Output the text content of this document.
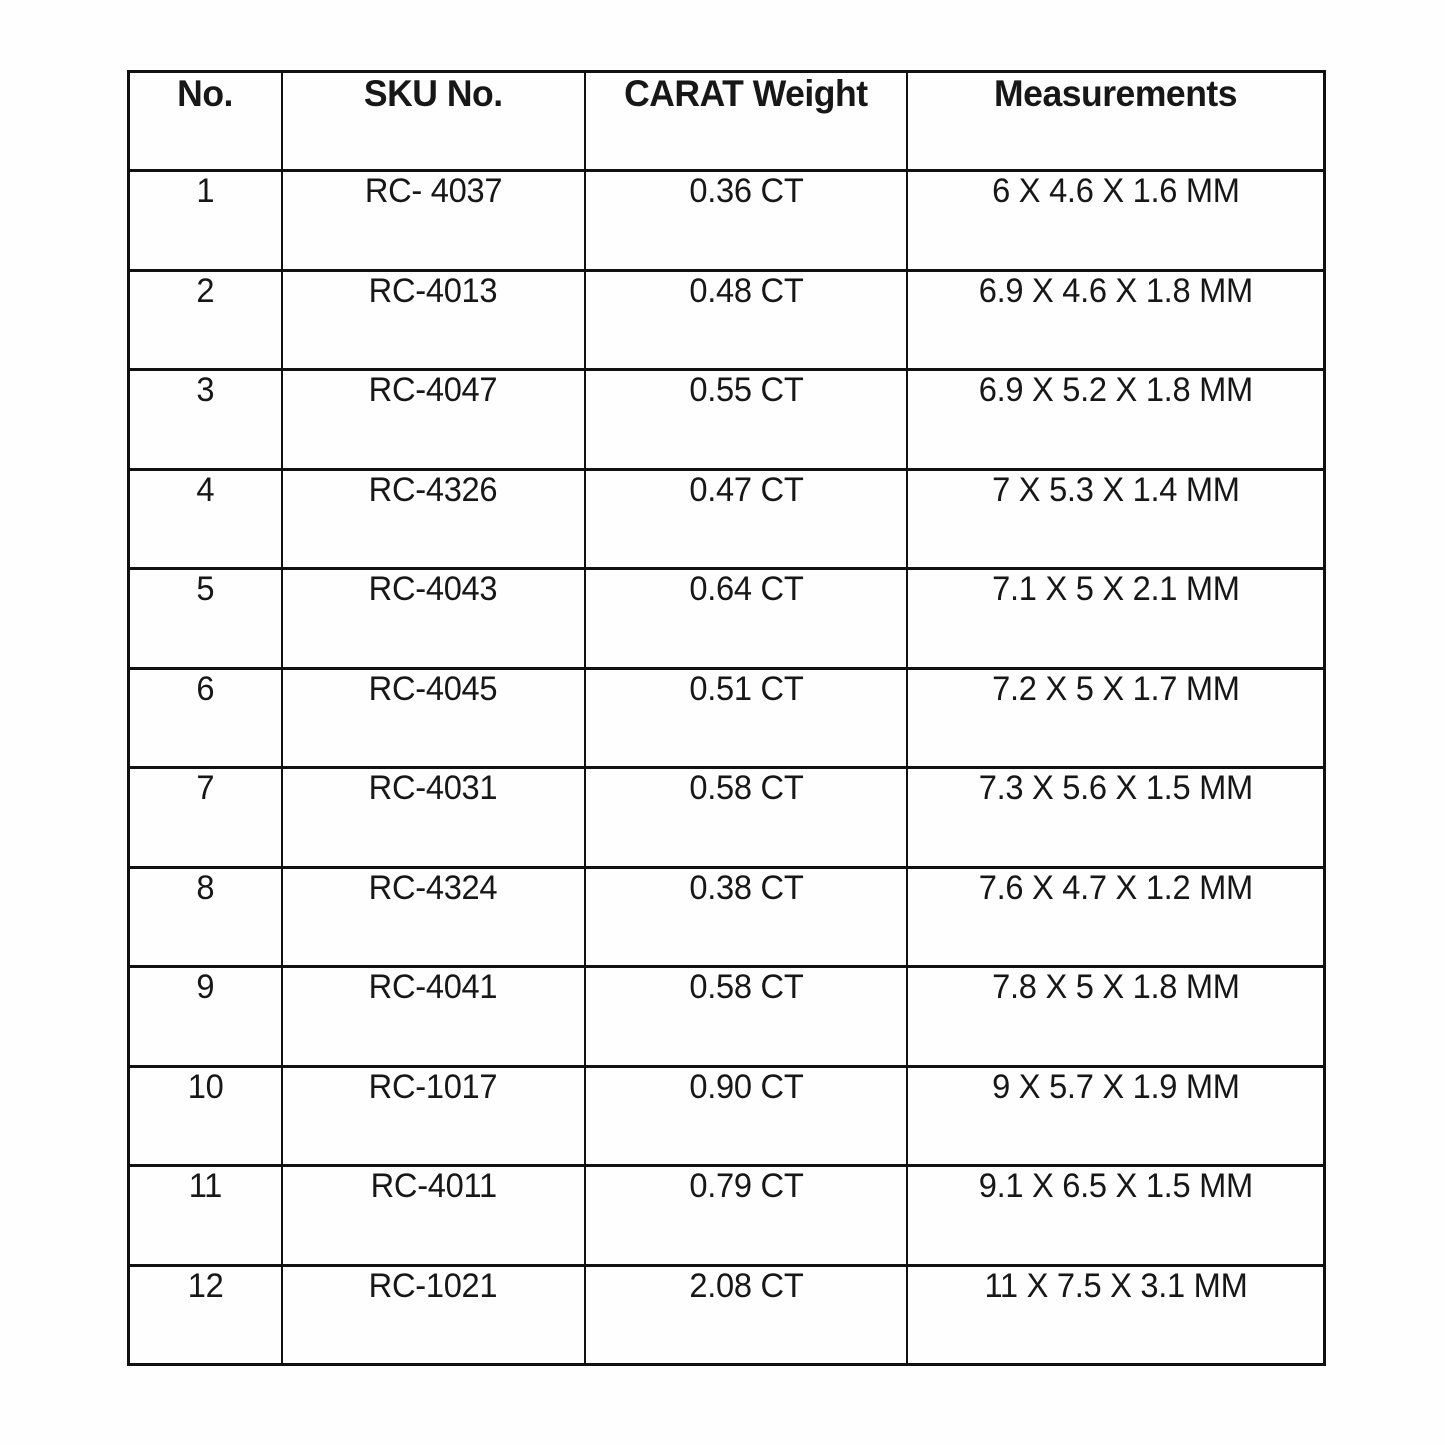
No.	SKU No.	CARAT Weight	Measurements
1	RC- 4037	0.36 CT	6 X 4.6 X 1.6 MM
2	RC-4013	0.48 CT	6.9 X 4.6 X 1.8 MM
3	RC-4047	0.55 CT	6.9 X 5.2 X 1.8 MM
4	RC-4326	0.47 CT	7 X 5.3 X 1.4 MM
5	RC-4043	0.64 CT	7.1 X 5 X 2.1 MM
6	RC-4045	0.51 CT	7.2 X 5 X 1.7 MM
7	RC-4031	0.58 CT	7.3 X 5.6 X 1.5 MM
8	RC-4324	0.38 CT	7.6 X 4.7 X 1.2 MM
9	RC-4041	0.58 CT	7.8 X 5 X 1.8 MM
10	RC-1017	0.90 CT	9 X 5.7 X 1.9 MM
11	RC-4011	0.79 CT	9.1 X 6.5 X 1.5 MM
12	RC-1021	2.08 CT	11 X 7.5 X 3.1 MM
